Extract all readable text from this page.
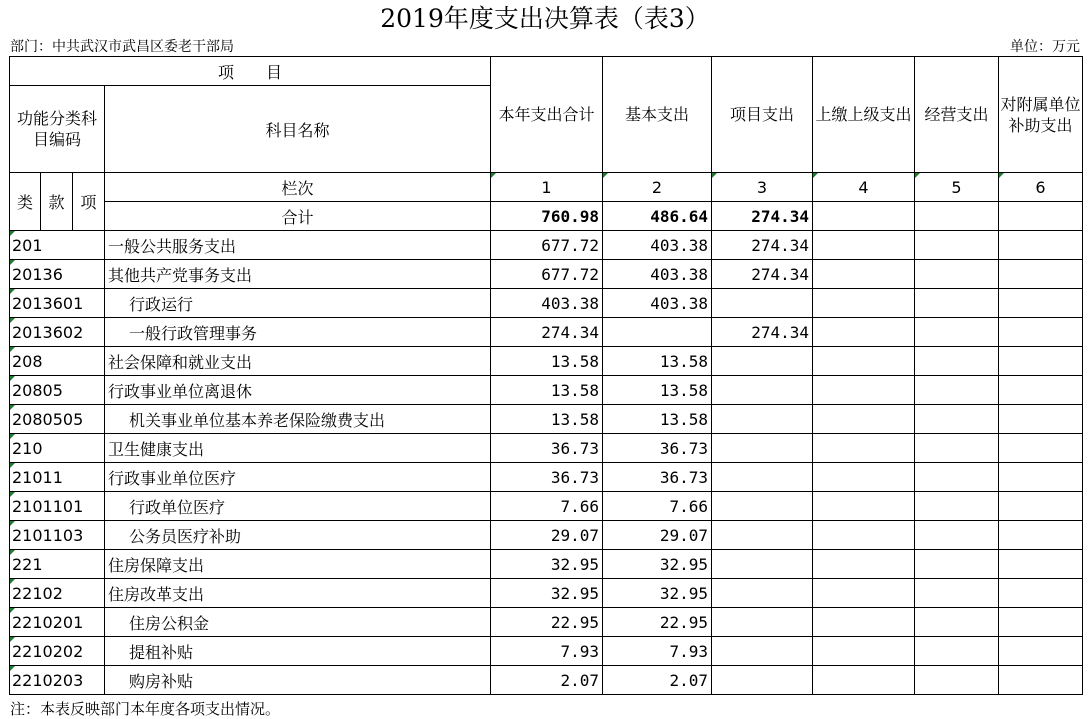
2019年度支出决算表（表3）
部门：中共武汉市武昌区委老干部局	单位：万元
项　　目				本年支出合计	基本支出	项目支出	上缴上级支出	经营支出	对附属单位补助支出
功能分类科目编码			科目名称						
类	款	项	栏次	1	2	3	4	5	6
			合计	760.98	486.64	274.34			
201			一般公共服务支出	677.72	403.38	274.34			
20136			其他共产党事务支出	677.72	403.38	274.34			
2013601			行政运行	403.38	403.38				
2013602			一般行政管理事务	274.34		274.34			
208			社会保障和就业支出	13.58	13.58				
20805			行政事业单位离退休	13.58	13.58				
2080505			机关事业单位基本养老保险缴费支出	13.58	13.58				
210			卫生健康支出	36.73	36.73				
21011			行政事业单位医疗	36.73	36.73				
2101101			行政单位医疗	7.66	7.66				
2101103			公务员医疗补助	29.07	29.07				
221			住房保障支出	32.95	32.95				
22102			住房改革支出	32.95	32.95				
2210201			住房公积金	22.95	22.95				
2210202			提租补贴	7.93	7.93				
2210203			购房补贴	2.07	2.07				
注：本表反映部门本年度各项支出情况。
